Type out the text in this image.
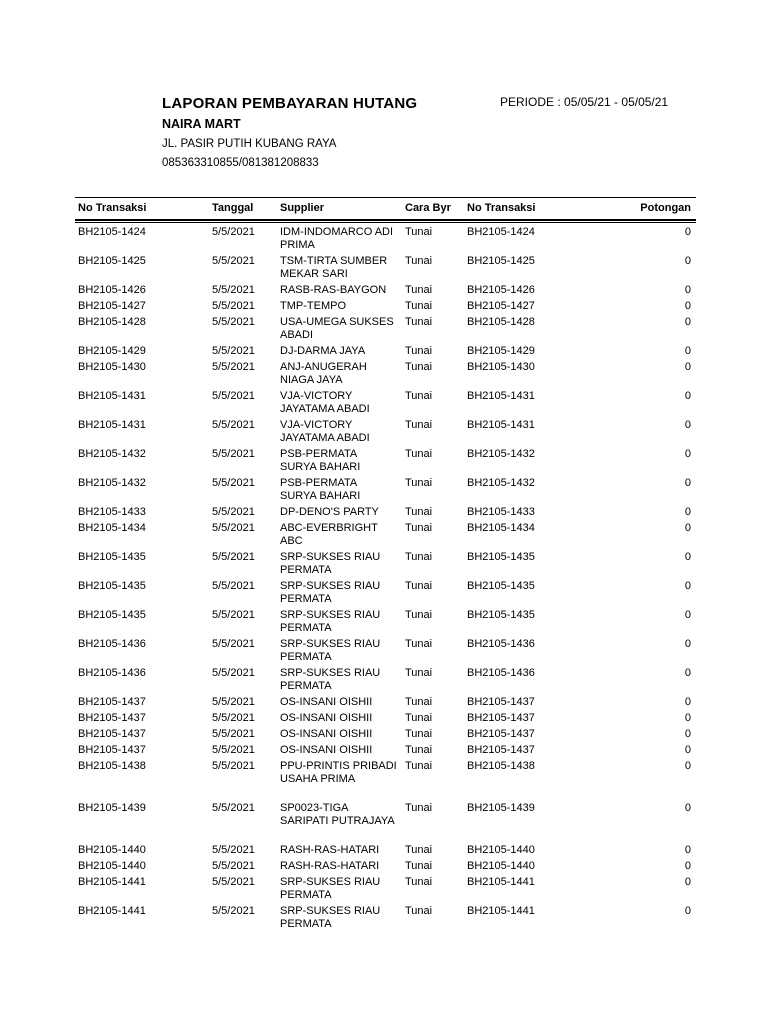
LAPORAN PEMBAYARAN HUTANG	PERIODE : 05/05/21 - 05/05/21
NAIRA MART
JL. PASIR PUTIH KUBANG RAYA
085363310855/081381208833
No Transaksi	Tanggal Supplier	Cara Byr No Transaksi	Potongan
BH2105-1424	5/5/2021 IDM-INDOMARCO ADI
PRIMA
Tunai	BH2105-1424	0
BH2105-1425	5/5/2021 TSM-TIRTA SUMBER
MEKAR SARI
Tunai	BH2105-1425	0
BH2105-1426	5/5/2021 RASB-RAS-BAYGON	Tunai	BH2105-1426	0
BH2105-1427	5/5/2021 TMP-TEMPO	Tunai	BH2105-1427	0
BH2105-1428	5/5/2021 USA-UMEGA SUKSES
ABADI
Tunai	BH2105-1428	0
BH2105-1429	5/5/2021 DJ-DARMA JAYA	Tunai	BH2105-1429	0
BH2105-1430	5/5/2021 ANJ-ANUGERAH
NIAGA JAYA
Tunai	BH2105-1430	0
BH2105-1431	5/5/2021 VJA-VICTORY
JAYATAMA ABADI
Tunai	BH2105-1431	0
BH2105-1431	5/5/2021 VJA-VICTORY
JAYATAMA ABADI
Tunai	BH2105-1431	0
BH2105-1432	5/5/2021 PSB-PERMATA
SURYA BAHARI
Tunai	BH2105-1432	0
BH2105-1432	5/5/2021 PSB-PERMATA
SURYA BAHARI
Tunai	BH2105-1432	0
BH2105-1433	5/5/2021 DP-DENO'S PARTY	Tunai	BH2105-1433	0
BH2105-1434	5/5/2021 ABC-EVERBRIGHT
ABC
Tunai	BH2105-1434	0
BH2105-1435	5/5/2021 SRP-SUKSES RIAU
PERMATA
Tunai	BH2105-1435	0
BH2105-1435	5/5/2021 SRP-SUKSES RIAU
PERMATA
Tunai	BH2105-1435	0
BH2105-1435	5/5/2021 SRP-SUKSES RIAU
PERMATA
Tunai	BH2105-1435	0
BH2105-1436	5/5/2021 SRP-SUKSES RIAU
PERMATA
Tunai	BH2105-1436	0
BH2105-1436	5/5/2021 SRP-SUKSES RIAU
PERMATA
Tunai	BH2105-1436	0
BH2105-1437	5/5/2021 OS-INSANI OISHII	Tunai	BH2105-1437	0
BH2105-1437	5/5/2021 OS-INSANI OISHII	Tunai	BH2105-1437	0
BH2105-1437	5/5/2021 OS-INSANI OISHII	Tunai	BH2105-1437	0
BH2105-1437	5/5/2021 OS-INSANI OISHII	Tunai	BH2105-1437	0
BH2105-1438	5/5/2021 PPU-PRINTIS PRIBADI
USAHA PRIMA
Tunai	BH2105-1438	0
BH2105-1439	5/5/2021 SP0023-TIGA
SARIPATI PUTRAJAYA
Tunai	BH2105-1439	0
BH2105-1440	5/5/2021 RASH-RAS-HATARI	Tunai	BH2105-1440	0
BH2105-1440	5/5/2021 RASH-RAS-HATARI	Tunai	BH2105-1440	0
BH2105-1441	5/5/2021 SRP-SUKSES RIAU
PERMATA
Tunai	BH2105-1441	0
BH2105-1441	5/5/2021 SRP-SUKSES RIAU
PERMATA
Tunai	BH2105-1441	0
